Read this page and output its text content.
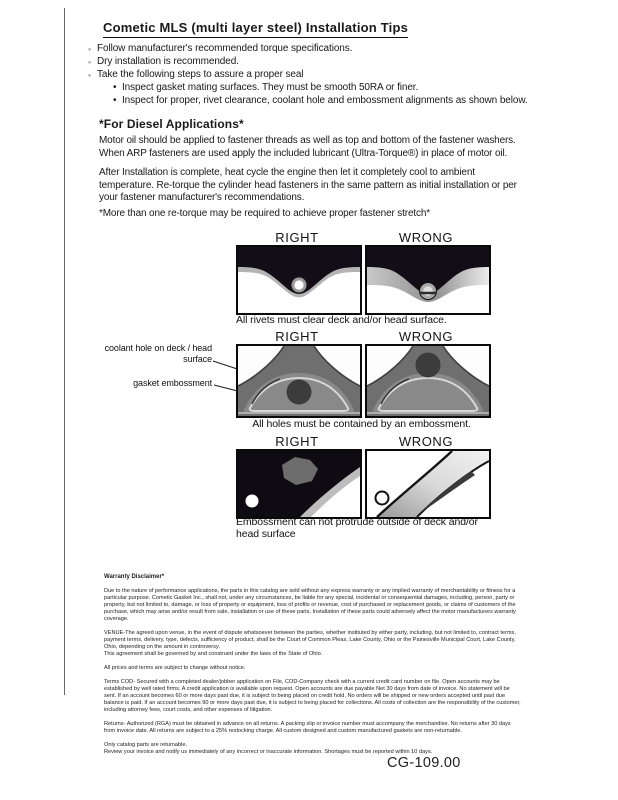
Cometic MLS (multi layer steel) Installation Tips
◦ Follow manufacturer's recommended torque specifications.
◦ Dry installation is recommended.
◦ Take the following steps to assure a proper seal
• Inspect gasket mating surfaces. They must be smooth 50RA or finer.
• Inspect for proper, rivet clearance, coolant hole and embossment alignments as shown below.
*For Diesel Applications*
Motor oil should be applied to fastener threads as well as top and bottom of the fastener washers. When ARP fasteners are used apply the included lubricant (Ultra-Torque®) in place of motor oil.
After Installation is complete, heat cycle the engine then let it completely cool to ambient temperature. Re-torque the cylinder head fasteners in the same pattern as initial installation or per your fastener manufacturer's recommendations.
*More than one re-torque may be required to achieve proper fastener stretch*
RIGHT	WRONG
All rivets must clear deck and/or head surface.
RIGHT	WRONG
coolant hole on deck / head surface
gasket embossment
All holes must be contained by an embossment.
RIGHT	WRONG
Embossment can not protrude outside of deck and/or head surface

Warranty Disclaimer*

Due to the nature of performance applications, the parts in this catalog are sold without any express warranty or any implied warranty of merchantability or fitness for a particular purpose. Cometic Gasket Inc., shall not, under any circumstances, be liable for any special, incidental or consequential damages, including, person, party or property, but not limited to, damage, or loss of property or equipment, loss of profits or revenue, cost of purchased or replacement goods, or claims of customers of the purchase, which may arise and/or result from sale, installation or use of these parts. Installation of these parts could adversely affect the motor manufacturers warranty coverage.

VENUE-The agreed upon venue, in the event of dispute whatsoever between the parties, whether instituted by either party, including, but not limited to, contract terms, payment terms, delivery, type, defects, sufficiency of product, shall be the Court of Common Pleas, Lake County, Ohio or the Painesville Municipal Court, Lake County, Ohio, depending on the amount in controversy.

This agreement shall be governed by and construed under the laws of the State of Ohio.

All prices and terms are subject to change without notice.

Terms COD- Secured with a completed dealer/jobber application on File, COD-Company check with a current credit card number on file. Open accounts may be established by well rated firms. A credit application is available upon request. Open accounts are due payable Net 30 days from date of invoice. No statement will be sent. If an account becomes 60 or more days past due, it is subject to being placed on credit hold. No orders will be shipped or new orders accepted until past due balance is paid. If an account becomes 90 or more days past due, it is subject to being placed for collections. All costs of collection are the responsibility of the customer, including attorney fees, court costs, and other expenses of litigation.

Returns- Authorized (RGA) must be obtained in advance on all returns. A packing slip or invoice number must accompany the merchandise. No returns after 30 days from invoice date. All returns are subject to a 25% restocking charge. All custom designed and custom manufactured gaskets are non-returnable.

Only catalog parts are returnable.

Review your invoice and notify us immediately of any incorrect or inaccurate information. Shortages must be reported within 10 days.

CG-109.00
